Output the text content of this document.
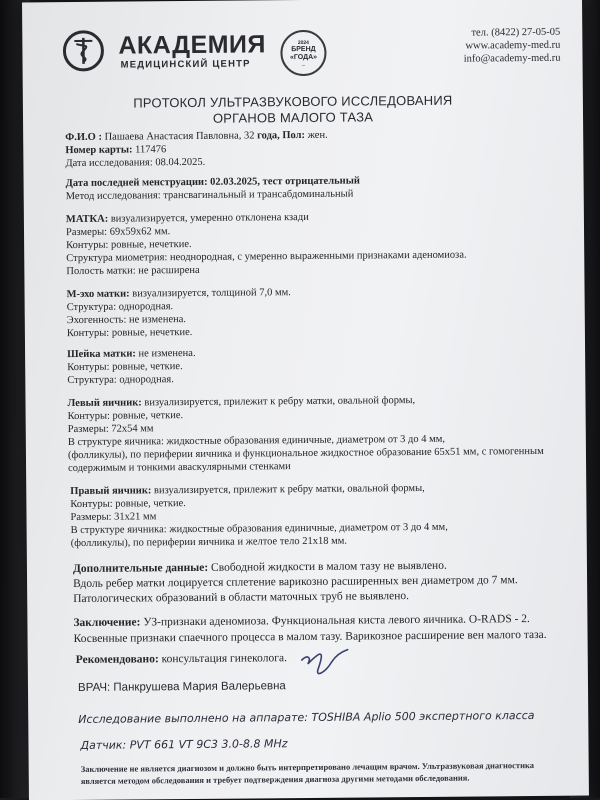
АКАДЕМИЯ
МЕДИЦИНСКИЙ ЦЕНТР
2024
БРЕНД
«ГОДА»
...
тел. (8422) 27-05-05
www.academy-med.ru
info@academy-med.ru
ПРОТОКОЛ УЛЬТРАЗВУКОВОГО ИССЛЕДОВАНИЯ
ОРГАНОВ МАЛОГО ТАЗА
Ф.И.О : Пашаева Анастасия Павловна, 32 года, Пол: жен.
Номер карты: 117476
Дата исследования: 08.04.2025.
Дата последней менструации: 02.03.2025, тест отрицательный
Метод исследования: трансвагинальный и трансабдоминальный
МАТКА: визуализируется, умеренно отклонена кзади
Размеры: 69х59х62 мм.
Контуры: ровные, нечеткие.
Структура миометрия: неоднородная, с умеренно выраженными признаками аденомиоза.
Полость матки: не расширена
М-эхо матки: визуализируется, толщиной 7,0 мм.
Структура: однородная.
Эхогенность: не изменена.
Контуры: ровные, нечеткие.
Шейка матки: не изменена.
Контуры: ровные, четкие.
Структура: однородная.
Левый яичник: визуализируется, прилежит к ребру матки, овальной формы,
Контуры: ровные, четкие.
Размеры: 72х54 мм
В структуре яичника: жидкостные образования единичные, диаметром от 3 до 4 мм,
(фолликулы), по периферии яичника и функциональное жидкостное образование 65х51 мм, с гомогенным
содержимым и тонкими аваскулярными стенками
Правый яичник: визуализируется, прилежит к ребру матки, овальной формы,
Контуры: ровные, четкие.
Размеры: 31х21 мм
В структуре яичника: жидкостные образования единичные, диаметром от 3 до 4 мм,
(фолликулы), по периферии яичника и желтое тело 21х18 мм.
Дополнительные данные: Свободной жидкости в малом тазу не выявлено.
Вдоль ребер матки лоцируется сплетение варикозно расширенных вен диаметром до 7 мм.
Патологических образований в области маточных труб не выявлено.
Заключение: УЗ-признаки аденомиоза. Функциональная киста левого яичника. O-RADS - 2.
Косвенные признаки спаечного процесса в малом тазу. Варикозное расширение вен малого таза.
Рекомендовано: консультация гинеколога.
ВРАЧ: Панкрушева Мария Валерьевна
Исследование выполнено на аппарате: TOSHIBA Aplio 500 экспертного класса
Датчик: PVT 661 VT 9C3 3.0-8.8 MHz
Заключение не является диагнозом и должно быть интерпретировано лечащим врачом. Ультразвуковая диагностика
является методом обследования и требует подтверждения диагноза другими методами обследования.
